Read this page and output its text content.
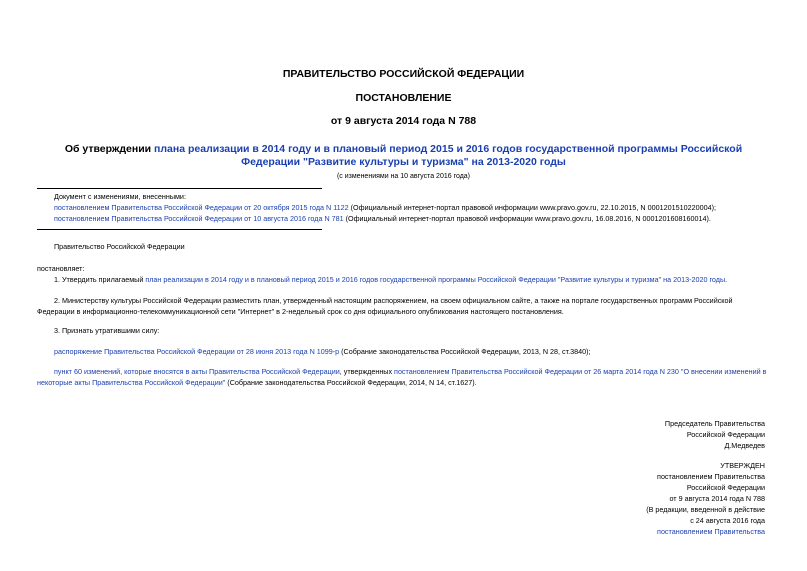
ПРАВИТЕЛЬСТВО РОССИЙСКОЙ ФЕДЕРАЦИИ
ПОСТАНОВЛЕНИЕ
от 9 августа 2014 года N 788
Об утверждении плана реализации в 2014 году и в плановый период 2015 и 2016 годов государственной программы Российской Федерации "Развитие культуры и туризма" на 2013-2020 годы
(с изменениями на 10 августа 2016 года)
Документ с изменениями, внесенными:
постановлением Правительства Российской Федерации от 20 октября 2015 года N 1122 (Официальный интернет-портал правовой информации www.pravo.gov.ru, 22.10.2015, N 0001201510220004);
постановлением Правительства Российской Федерации от 10 августа 2016 года N 781 (Официальный интернет-портал правовой информации www.pravo.gov.ru, 16.08.2016, N 0001201608160014).
Правительство Российской Федерации
постановляет:
1. Утвердить прилагаемый план реализации в 2014 году и в плановый период 2015 и 2016 годов государственной программы Российской Федерации "Развитие культуры и туризма" на 2013-2020 годы.
2. Министерству культуры Российской Федерации разместить план, утвержденный настоящим распоряжением, на своем официальном сайте, а также на портале государственных программ Российской
Федерации в информационно-телекоммуникационной сети "Интернет" в 2-недельный срок со дня официального опубликования настоящего постановления.
3. Признать утратившими силу:
распоряжение Правительства Российской Федерации от 28 июня 2013 года N 1099-р (Собрание законодательства Российской Федерации, 2013, N 28, ст.3840);
пункт 60 изменений, которые вносятся в акты Правительства Российской Федерации, утвержденных постановлением Правительства Российской Федерации от 26 марта 2014 года N 230 "О внесении изменений в
некоторые акты Правительства Российской Федерации" (Собрание законодательства Российской Федерации, 2014, N 14, ст.1627).
Председатель Правительства
Российской Федерации
Д.Медведев
УТВЕРЖДЕН
постановлением Правительства
Российской Федерации
от 9 августа 2014 года N 788
(В редакции, введенной в действие
с 24 августа 2016 года
постановлением Правительства
